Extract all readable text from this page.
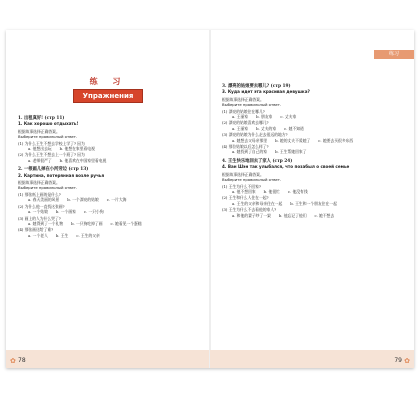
练 习
Упражнения
1. 出租真好! (стр 11)
1. Как хорошо отдыхать!
根据故事选择正确答案。
Выберите правильный ответ.
(1) 为什么王生不想去学校上学了? 因为
a. 他想出去玩 b. 他想在家里看电视
(2) 为什么王生不想去上一个班了? 因为
a. 老师很严了 b. 他喜欢在中国家里看电视
2. 一根画儿掉在小河旁边 (стр 13)
2. Картина, потерянная возле ручья
根据故事选择正确答案。
Выберите правильный ответ.
(1) 那张纸上画的是什么?
a. 春天美丽的风景 b. 一个漂亮的姑娘 c. 一片大海
(2) 为什么他一直找这张画?
a. 一个姑娘 b. 一个画家 c. 一只小狗
(3) 画上的人为什么哭了?
a. 她得到了一个礼物 b. 一只狗吃掉了画 c. 她看见一个蛋糕
(4) 那张画送给了谁?
a. 一个老人 b. 王生 c. 王生的父亲
78
✿
练习
3. 漂亮的姑娘要去哪儿? (стр 19)
3. Куда идет эта красивая девушка?
根据故事选择正确答案。
Выберите правильный ответ.
(1) 漂亮的姑娘住在哪儿?
a. 王丽家 b. 朋友家 c. 丈夫家
(2) 漂亮的姑娘喜欢去哪儿?
a. 王丽家 b. 丈夫的家 c. 她不知道
(3) 漂亮的姑娘为什么走去很远的地方?
a. 她想去父母亲那里 b. 她的丈夫不爱她了 c. 她要去买很多东西
(4) 那位姑娘以后怎么样了?
a. 她找到了自己的家 b. 王生帮她回家了
4. 王生快乐地回去了家人 (стр 24)
4. Ван Шэн так улыбался, что позабыл о своей семье
根据故事选择正确答案。
Выберите правильный ответ.
(1) 王生为什么不回家?
a. 他不想回家 b. 他很忙 c. 他没有钱
(2) 王生和什么人住在一起?
a. 王生的父亲和母亲住在一起 b. 王生和一个朋友住在一起
(3) 王生为什么不去看他的家人?
a. 和他的妻子吵了一架 b. 他忘记了他们 c. 她不想去
79 ✿
